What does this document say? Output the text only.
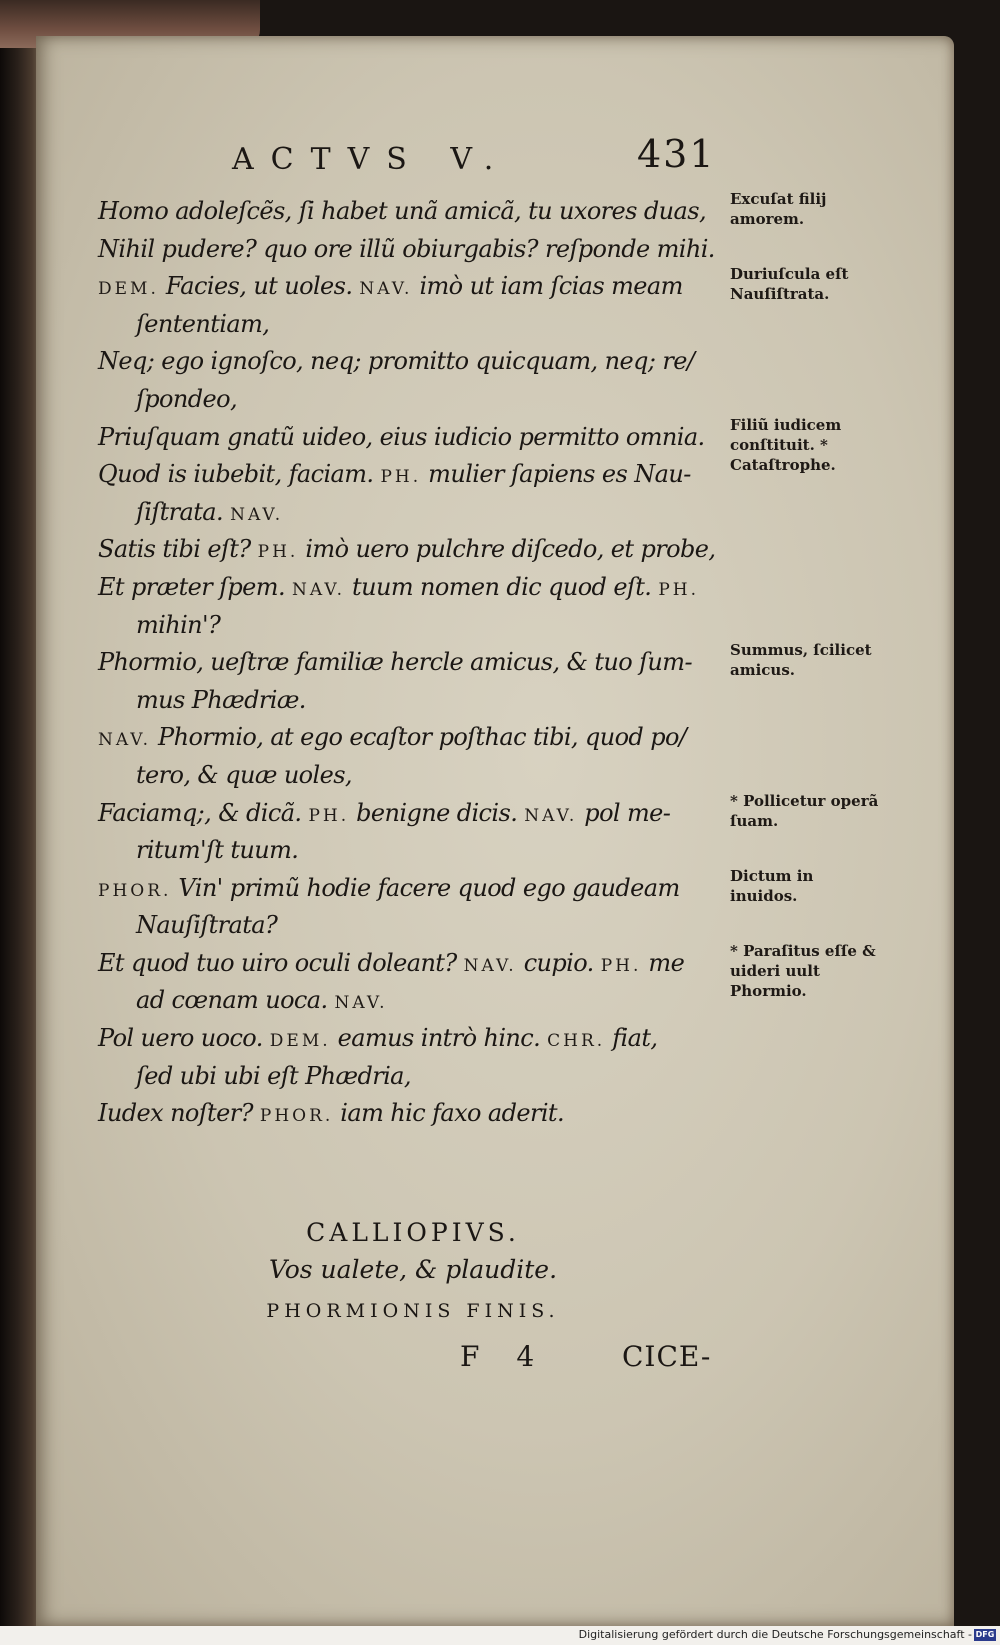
ACTVS V.	431
Homo adoleſcẽs, ſi habet unã amicã, tu uxores duas,
Nihil pudere? quo ore illũ obiurgabis? reſponde mihi.
DEM. Facies, ut uoles. NAV. imò ut iam ſcias meam
ſententiam,
Neq; ego ignoſco, neq; promitto quicquam, neq; re/
ſpondeo,
Priuſquam gnatũ uideo, eius iudicio permitto omnia.
Quod is iubebit, faciam. PH. mulier ſapiens es Nau-
ſiſtrata. NAV.
Satis tibi eſt? PH. imò uero pulchre diſcedo, et probe,
Et præter ſpem. NAV. tuum nomen dic quod eſt. PH.
mihin'?
Phormio, ueſtræ familiæ hercle amicus, & tuo ſum-
mus Phædriæ.
NAV. Phormio, at ego ecaſtor poſthac tibi, quod po/
tero, & quæ uoles,
Faciamq;, & dicã. PH. benigne dicis. NAV. pol me-
ritum'ſt tuum.
PHOR. Vin' primũ hodie facere quod ego gaudeam
Nauſiſtrata?
Et quod tuo uiro oculi doleant? NAV. cupio. PH. me
ad cœnam uoca. NAV.
Pol uero uoco. DEM. eamus intrò hinc. CHR. fiat,
ſed ubi ubi eſt Phædria,
Iudex noſter? PHOR. iam hic faxo aderit.
Excuſat filij amorem.
Duriuſcula eſt Nauſiſtrata.
Filiũ iudicem conſtituit. * Cataſtrophe.
Summus, ſcilicet amicus.
* Pollicetur operã ſuam.
Dictum in inuidos.
* Paraſitus eſſe & uideri uult Phormio.
CALLIOPIVS.
Vos ualete, & plaudite.
PHORMIONIS FINIS.
F 4	CICE-
Digitalisierung gefördert durch die Deutsche Forschungsgemeinschaft - DFG
